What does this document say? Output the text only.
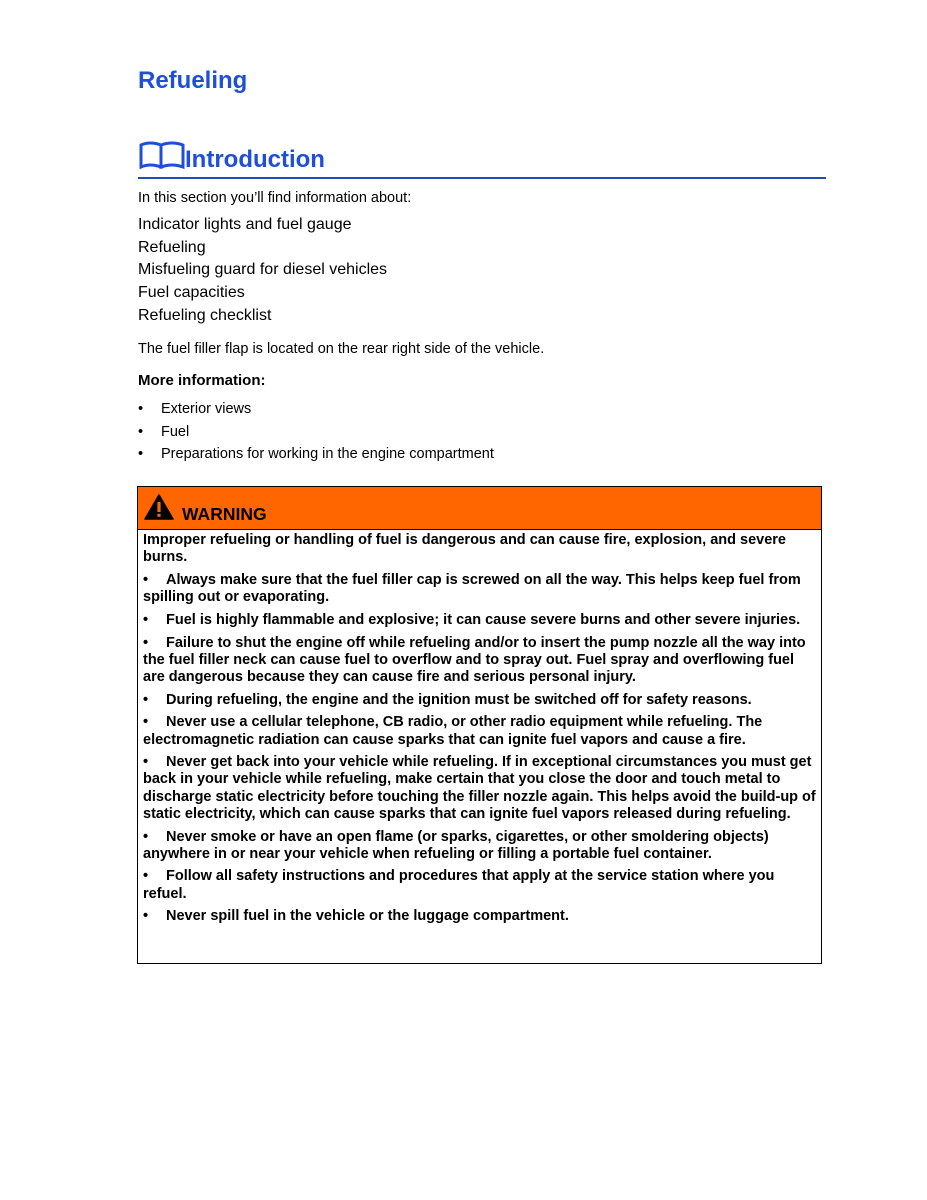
Refueling
Introduction

In this section you’ll find information about:

Indicator lights and fuel gauge
Refueling
Misfueling guard for diesel vehicles
Fuel capacities
Refueling checklist

The fuel filler flap is located on the rear right side of the vehicle.

More information:
• Exterior views
• Fuel
• Preparations for working in the engine compartment
WARNING

Improper refueling or handling of fuel is dangerous and can cause fire, explosion, and severe burns.

• Always make sure that the fuel filler cap is screwed on all the way. This helps keep fuel from spilling out or evaporating.

• Fuel is highly flammable and explosive; it can cause severe burns and other severe injuries.

• Failure to shut the engine off while refueling and/or to insert the pump nozzle all the way into the fuel filler neck can cause fuel to overflow and to spray out. Fuel spray and overflowing fuel are dangerous because they can cause fire and serious personal injury.

• During refueling, the engine and the ignition must be switched off for safety reasons.

• Never use a cellular telephone, CB radio, or other radio equipment while refueling. The electromagnetic radiation can cause sparks that can ignite fuel vapors and cause a fire.

• Never get back into your vehicle while refueling. If in exceptional circumstances you must get back in your vehicle while refueling, make certain that you close the door and touch metal to discharge static electricity before touching the filler nozzle again. This helps avoid the build-up of static electricity, which can cause sparks that can ignite fuel vapors released during refueling.

• Never smoke or have an open flame (or sparks, cigarettes, or other smoldering objects) anywhere in or near your vehicle when refueling or filling a portable fuel container.

• Follow all safety instructions and procedures that apply at the service station where you refuel.

• Never spill fuel in the vehicle or the luggage compartment.
